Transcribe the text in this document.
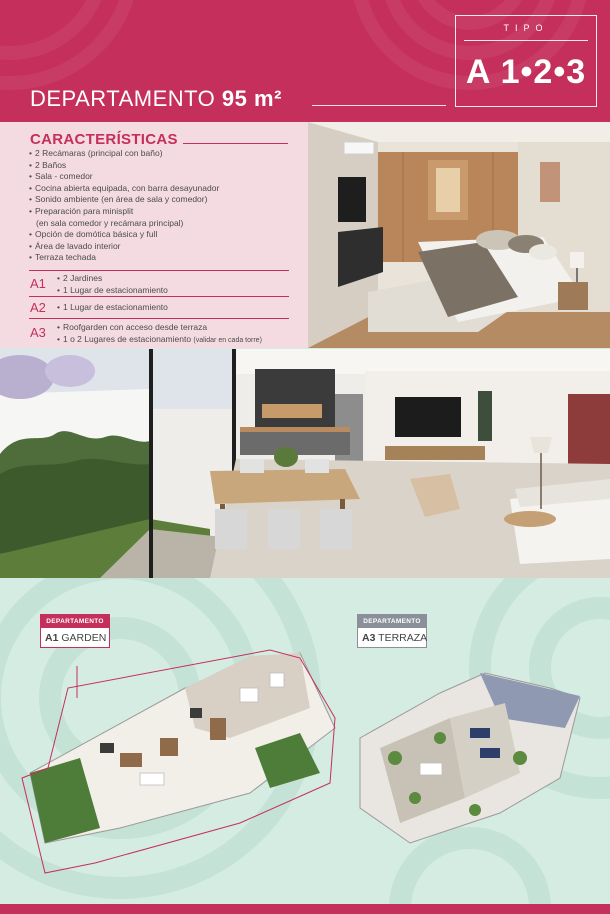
DEPARTAMENTO 95 m²
TIPO
A 1•2•3
CARACTERÍSTICAS
• 2 Recámaras (principal con baño)
• 2 Baños
• Sala - comedor
• Cocina abierta equipada, con barra desayunador
• Sonido ambiente (en área de sala y comedor)
• Preparación para minisplit
(en sala comedor y recámara principal)
• Opción de domótica básica y full
• Área de lavado interior
• Terraza techada
A1	• 2 Jardines
• 1 Lugar de estacionamiento
A2	• 1 Lugar de estacionamiento
A3	• Roofgarden con acceso desde terraza
• 1 o 2 Lugares de estacionamiento (validar en cada torre)
DEPARTAMENTO
A1 GARDEN
DEPARTAMENTO
A3 TERRAZA
